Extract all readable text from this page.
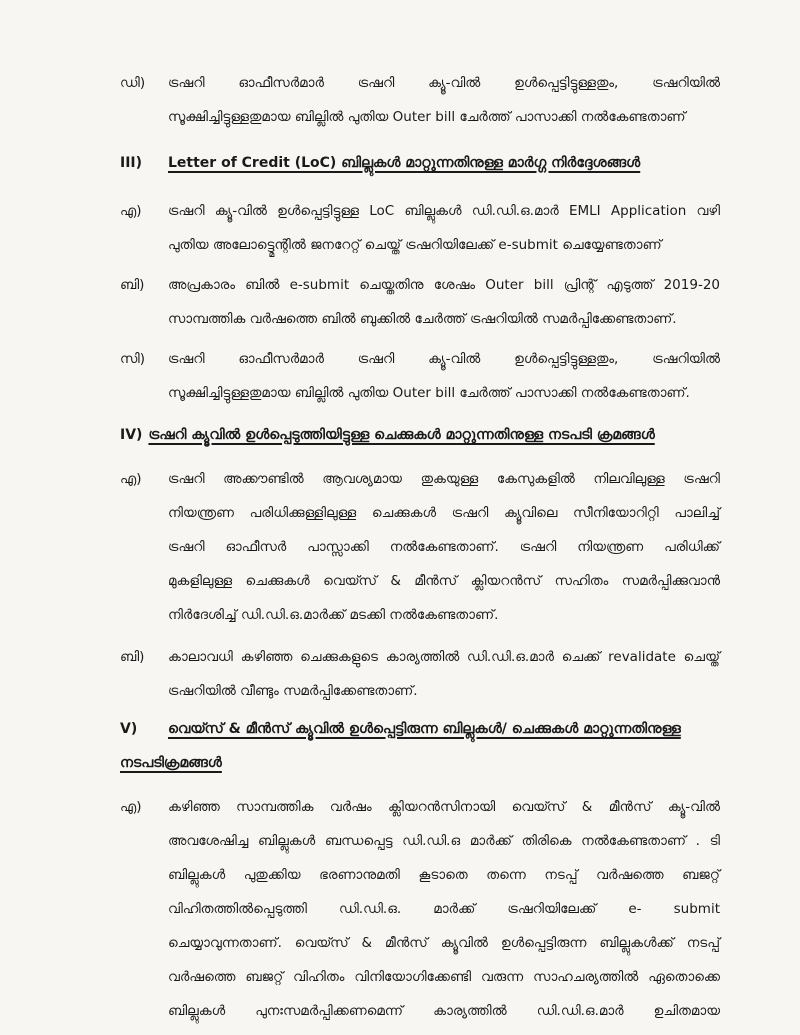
ഡി) ട്രഷറി ഓഫീസർമാർ ട്രഷറി ക്യൂ-വിൽ ഉൾപ്പെട്ടിട്ടുള്ളതും, ട്രഷറിയിൽ
സൂക്ഷിച്ചിട്ടുള്ളതുമായ ബില്ലിൽ പുതിയ Outer bill ചേർത്ത് പാസാക്കി നൽകേണ്ടതാണ്
III) Letter of Credit (LoC) ബില്ലുകൾ മാറ്റുന്നതിനുള്ള മാർഗ്ഗ നിർദ്ദേശങ്ങൾ
എ) ട്രഷറി ക്യൂ-വിൽ ഉൾപ്പെട്ടിട്ടുള്ള LoC ബില്ലുകൾ ഡി.ഡി.ഒ.മാർ EMLI Application വഴി
പുതിയ അലോട്ട്മെന്റിൽ ജനറേറ്റ് ചെയ്ത് ട്രഷറിയിലേക്ക് e-submit ചെയ്യേണ്ടതാണ്
ബി) അപ്രകാരം ബിൽ e-submit ചെയ്തതിനു ശേഷം Outer bill പ്രിന്റ് എടുത്ത് 2019-20
സാമ്പത്തിക വർഷത്തെ ബിൽ ബുക്കിൽ ചേർത്ത് ട്രഷറിയിൽ സമർപ്പിക്കേണ്ടതാണ്.
സി) ട്രഷറി ഓഫീസർമാർ ട്രഷറി ക്യൂ-വിൽ ഉൾപ്പെട്ടിട്ടുള്ളതും, ട്രഷറിയിൽ
സൂക്ഷിച്ചിട്ടുള്ളതുമായ ബില്ലിൽ പുതിയ Outer bill ചേർത്ത് പാസാക്കി നൽകേണ്ടതാണ്.
IV) ട്രഷറി ക്യൂവിൽ ഉൾപ്പെടുത്തിയിട്ടുള്ള ചെക്കുകൾ മാറ്റുന്നതിനുള്ള നടപടി ക്രമങ്ങൾ
എ) ട്രഷറി അക്കൗണ്ടിൽ ആവശ്യമായ തുകയുള്ള കേസുകളിൽ നിലവിലുള്ള ട്രഷറി
നിയന്ത്രണ പരിധിക്കുള്ളിലുള്ള ചെക്കുകൾ ട്രഷറി ക്യൂവിലെ സീനിയോറിറ്റി പാലിച്ച്
ട്രഷറി ഓഫീസർ പാസ്സാക്കി നൽകേണ്ടതാണ്. ട്രഷറി നിയന്ത്രണ പരിധിക്ക്
മുകളിലുള്ള ചെക്കുകൾ വെയ്സ് & മീൻസ് ക്ലിയറൻസ് സഹിതം സമർപ്പിക്കുവാൻ
നിർദേശിച്ച് ഡി.ഡി.ഒ.മാർക്ക് മടക്കി നൽകേണ്ടതാണ്.
ബി) കാലാവധി കഴിഞ്ഞ ചെക്കുകളുടെ കാര്യത്തിൽ ഡി.ഡി.ഒ.മാർ ചെക്ക് revalidate ചെയ്ത്
ട്രഷറിയിൽ വീണ്ടും സമർപ്പിക്കേണ്ടതാണ്.
V) വെയ്സ് & മീൻസ് ക്യൂവിൽ ഉൾപ്പെട്ടിരുന്ന ബില്ലുകൾ/ ചെക്കുകൾ മാറ്റുന്നതിനുള്ള
നടപടിക്രമങ്ങൾ
എ) കഴിഞ്ഞ സാമ്പത്തിക വർഷം ക്ലിയറൻസിനായി വെയ്സ് & മീൻസ് ക്യൂ-വിൽ
അവശേഷിച്ച ബില്ലുകൾ ബന്ധപ്പെട്ട ഡി.ഡി.ഒ മാർക്ക് തിരികെ നൽകേണ്ടതാണ് . ടി
ബില്ലുകൾ പുതുക്കിയ ഭരണാനുമതി കൂടാതെ തന്നെ നടപ്പ് വർഷത്തെ ബജറ്റ്
വിഹിതത്തിൽപ്പെടുത്തി ഡി.ഡി.ഒ. മാർക്ക് ട്രഷറിയിലേക്ക് e- submit
ചെയ്യാവുന്നതാണ്. വെയ്സ് & മീൻസ് ക്യൂവിൽ ഉൾപ്പെട്ടിരുന്ന ബില്ലുകൾക്ക് നടപ്പ്
വർഷത്തെ ബജറ്റ് വിഹിതം വിനിയോഗിക്കേണ്ടി വരുന്ന സാഹചര്യത്തിൽ ഏതൊക്കെ
ബില്ലുകൾ പുനഃസമർപ്പിക്കണമെന്ന് കാര്യത്തിൽ ഡി.ഡി.ഒ.മാർ ഉചിതമായ
